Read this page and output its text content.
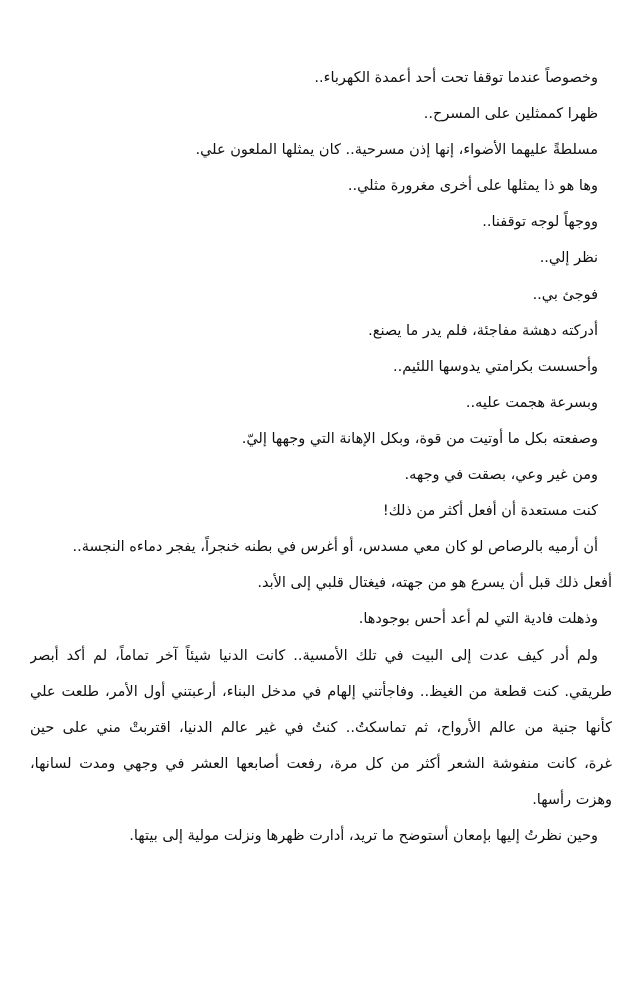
وخصوصاً عندما توقفا تحت أحد أعمدة الكهرباء..
ظهرا كممثلين على المسرح..
مسلطةً عليهما الأضواء، إنها إذن مسرحية.. كان يمثلها الملعون علي.
وها هو ذا يمثلها على أخرى مغرورة مثلي..
ووجهاً لوجه توقفنا..
نظر إلي..
فوجئ بي..
أدركته دهشة مفاجئة، فلم يدر ما يصنع.
وأحسست بكرامتي يدوسها اللئيم..
وبسرعة هجمت عليه..
وصفعته بكل ما أوتيت من قوة، وبكل الإهانة التي وجهها إليّ.
ومن غير وعي، بصقت في وجهه.
كنت مستعدة أن أفعل أكثر من ذلك!
أن أرميه بالرصاص لو كان معي مسدس، أو أغرس في بطنه خنجراً، يفجر دماءه النجسة..
أفعل ذلك قبل أن يسرع هو من جهته، فيغتال قلبي إلى الأبد.
وذهلت فادية التي لم أعد أحس بوجودها.
ولم أدر كيف عدت إلى البيت في تلك الأمسية.. كانت الدنيا شيئاً آخر تماماً، لم أكد أبصر
طريقي. كنت قطعة من الغيظ.. وفاجأتني إلهام في مدخل البناء، أرعبتني أول الأمر، طلعت علي
كأنها جنية من عالم الأرواح، ثم تماسكتُ.. كنتُ في غير عالم الدنيا، اقتربتْ مني على حين
غرة، كانت منفوشة الشعر أكثر من كل مرة، رفعت أصابعها العشر في وجهي ومدت لسانها،
وهزت رأسها.
وحين نظرتُ إليها بإمعان أستوضح ما تريد، أدارت ظهرها ونزلت مولية إلى بيتها.
